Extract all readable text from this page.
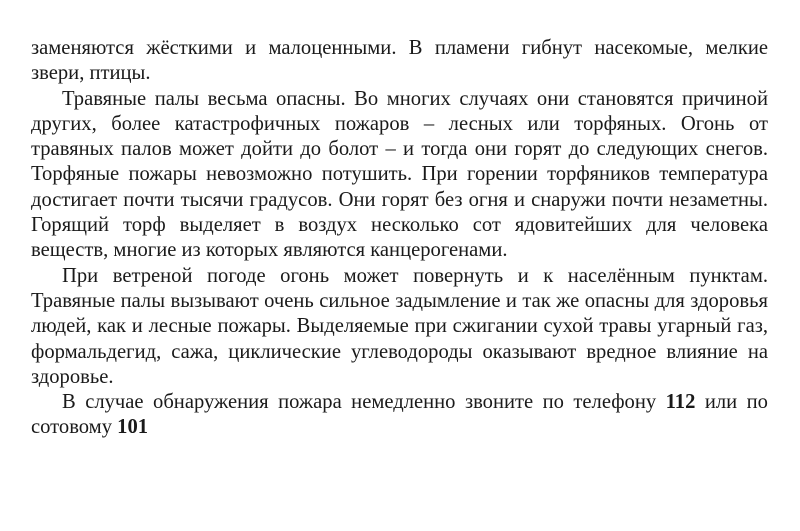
заменяются жёсткими и малоценными. В пламени гибнут насекомые, мелкие звери, птицы.

Травяные палы весьма опасны. Во многих случаях они становятся причиной других, более катастрофичных пожаров – лесных или торфяных. Огонь от травяных палов может дойти до болот – и тогда они горят до следующих снегов. Торфяные пожары невозможно потушить. При горении торфяников температура достигает почти тысячи градусов. Они горят без огня и снаружи почти незаметны. Горящий торф выделяет в воздух несколько сот ядовитейших для человека веществ, многие из которых являются канцерогенами.

При ветреной погоде огонь может повернуть и к населённым пунктам. Травяные палы вызывают очень сильное задымление и так же опасны для здоровья людей, как и лесные пожары. Выделяемые при сжигании сухой травы угарный газ, формальдегид, сажа, циклические углеводороды оказывают вредное влияние на здоровье.

В случае обнаружения пожара немедленно звоните по телефону 112 или по сотовому 101
